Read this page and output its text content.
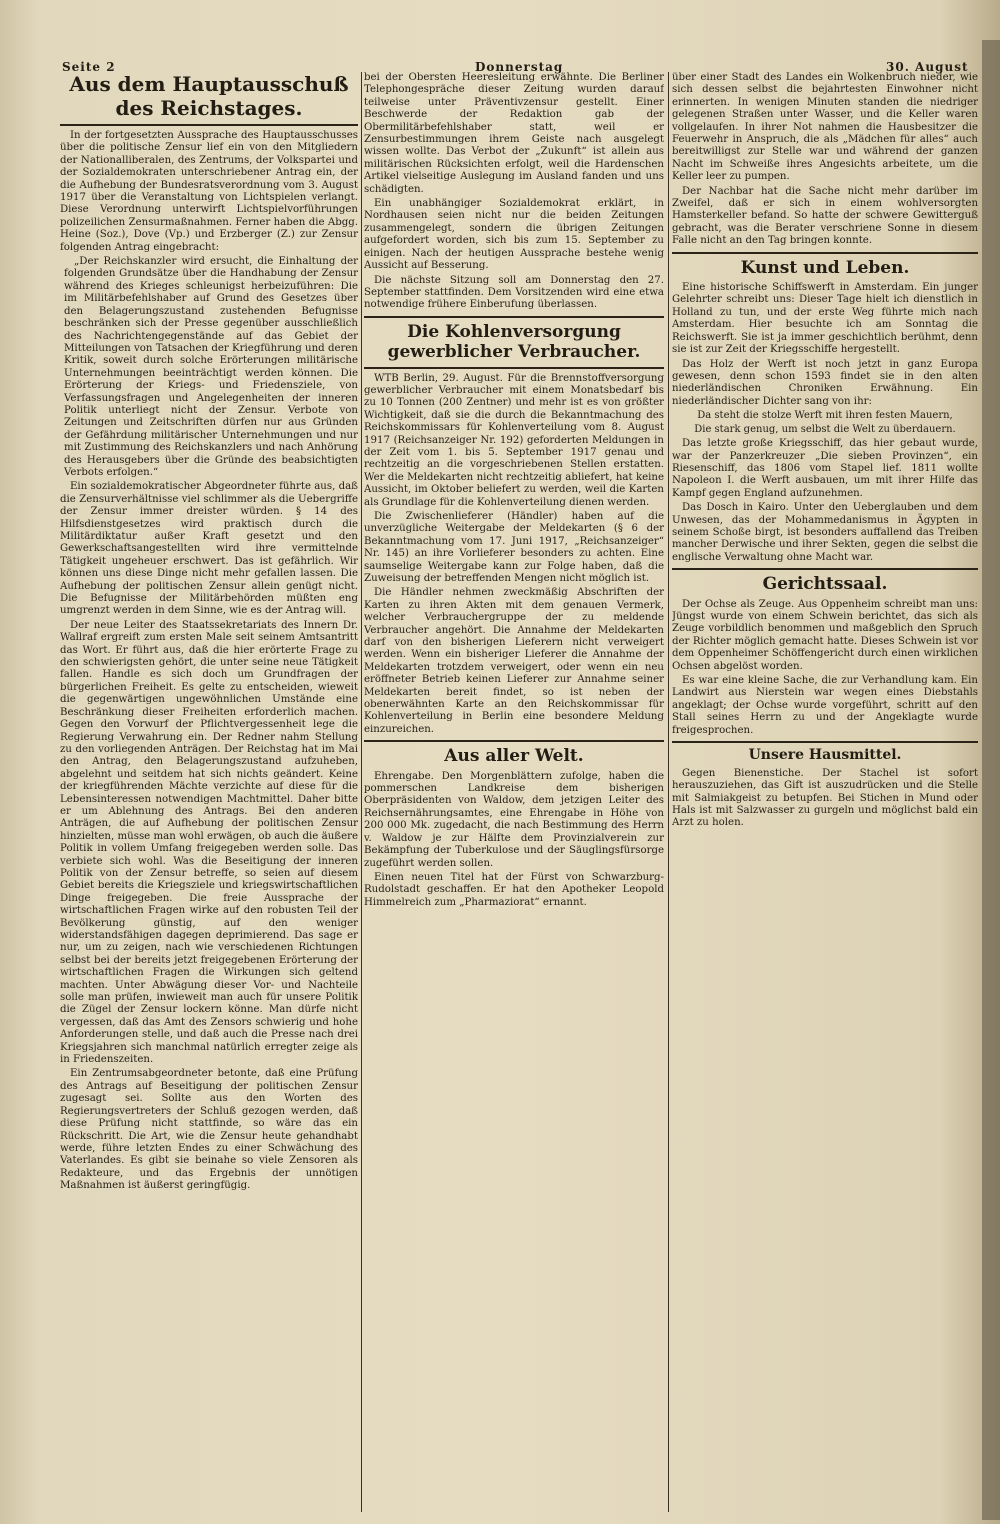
Seite 2	Donnerstag	30. August
Aus dem Hauptausschuß des Reichstages.

In der fortgesetzten Aussprache des Hauptausschusses über die politische Zensur lief ein von den Mitgliedern der Nationalliberalen, des Zentrums, der Volkspartei und der Sozialdemokraten unterschriebener Antrag ein, der die Aufhebung der Bundesratsverordnung vom 3. August 1917 über die Veranstaltung von Lichtspielen verlangt. Diese Verordnung unterwirft Lichtspielvorführungen polizeilichen Zensurmaßnahmen. Ferner haben die Abgg. Heine (Soz.), Dove (Vp.) und Erzberger (Z.) zur Zensur folgenden Antrag eingebracht:

„Der Reichskanzler wird ersucht, die Einhaltung der folgenden Grundsätze über die Handhabung der Zensur während des Krieges schleunigst herbeizuführen: Die im Militärbefehlshaber auf Grund des Gesetzes über den Belagerungszustand zustehenden Befugnisse beschränken sich der Presse gegenüber ausschließlich des Nachrichtengegenstände auf das Gebiet der Mitteilungen von Tatsachen der Kriegführung und deren Kritik, soweit durch solche Erörterungen militärische Unternehmungen beeinträchtigt werden können. Die Erörterung der Kriegs- und Friedensziele, von Verfassungsfragen und Angelegenheiten der inneren Politik unterliegt nicht der Zensur. Verbote von Zeitungen und Zeitschriften dürfen nur aus Gründen der Gefährdung militärischer Unternehmungen und nur mit Zustimmung des Reichskanzlers und nach Anhörung des Herausgebers über die Gründe des beabsichtigten Verbots erfolgen.“

Ein sozialdemokratischer Abgeordneter führte aus, daß die Zensurverhältnisse viel schlimmer als die Uebergriffe der Zensur immer dreister würden. § 14 des Hilfsdienstgesetzes wird praktisch durch die Militärdiktatur außer Kraft gesetzt und den Gewerkschaftsangestellten wird ihre vermittelnde Tätigkeit ungeheuer erschwert. Das ist gefährlich. Wir können uns diese Dinge nicht mehr gefallen lassen. Die Aufhebung der politischen Zensur allein genügt nicht. Die Befugnisse der Militärbehörden müßten eng umgrenzt werden in dem Sinne, wie es der Antrag will.

Der neue Leiter des Staatssekretariats des Innern Dr. Wallraf ergreift zum ersten Male seit seinem Amtsantritt das Wort. Er führt aus, daß die hier erörterte Frage zu den schwierigsten gehört, die unter seine neue Tätigkeit fallen. Handle es sich doch um Grundfragen der bürgerlichen Freiheit. Es gelte zu entscheiden, wieweit die gegenwärtigen ungewöhnlichen Umstände eine Beschränkung dieser Freiheiten erforderlich machen. Gegen den Vorwurf der Pflichtvergessenheit lege die Regierung Verwahrung ein. Der Redner nahm Stellung zu den vorliegenden Anträgen. Der Reichstag hat im Mai den Antrag, den Belagerungszustand aufzuheben, abgelehnt und seitdem hat sich nichts geändert. Keine der kriegführenden Mächte verzichte auf diese für die Lebensinteressen notwendigen Machtmittel. Daher bitte er um Ablehnung des Antrags. Bei den anderen Anträgen, die auf Aufhebung der politischen Zensur hinzielten, müsse man wohl erwägen, ob auch die äußere Politik in vollem Umfang freigegeben werden solle. Das verbiete sich wohl. Was die Beseitigung der inneren Politik von der Zensur betreffe, so seien auf diesem Gebiet bereits die Kriegsziele und kriegswirtschaftlichen Dinge freigegeben. Die freie Aussprache der wirtschaftlichen Fragen wirke auf den robusten Teil der Bevölkerung günstig, auf den weniger widerstandsfähigen dagegen deprimierend. Das sage er nur, um zu zeigen, nach wie verschiedenen Richtungen selbst bei der bereits jetzt freigegebenen Erörterung der wirtschaftlichen Fragen die Wirkungen sich geltend machten. Unter Abwägung dieser Vor- und Nachteile solle man prüfen, inwieweit man auch für unsere Politik die Zügel der Zensur lockern könne. Man dürfe nicht vergessen, daß das Amt des Zensors schwierig und hohe Anforderungen stelle, und daß auch die Presse nach drei Kriegsjahren sich manchmal natürlich erregter zeige als in Friedenszeiten.

Ein Zentrumsabgeordneter betonte, daß eine Prüfung des Antrags auf Beseitigung der politischen Zensur zugesagt sei. Sollte aus den Worten des Regierungsvertreters der Schluß gezogen werden, daß diese Prüfung nicht stattfinde, so wäre das ein Rückschritt. Die Art, wie die Zensur heute gehandhabt werde, führe letzten Endes zu einer Schwächung des Vaterlandes. Es gibt sie beinahe so viele Zensoren als Redakteure, und das Ergebnis der unnötigen Maßnahmen ist äußerst geringfügig.

bei der Obersten Heeresleitung erwähnte. Die Berliner Telephongespräche dieser Zeitung wurden darauf teilweise unter Präventivzensur gestellt. Einer Beschwerde der Redaktion gab der Obermilitärbefehlshaber statt, weil er Zensurbestimmungen ihrem Geiste nach ausgelegt wissen wollte. Das Verbot der „Zukunft“ ist allein aus militärischen Rücksichten erfolgt, weil die Hardenschen Artikel vielseitige Auslegung im Ausland fanden und uns schädigten.

Ein unabhängiger Sozialdemokrat erklärt, in Nordhausen seien nicht nur die beiden Zeitungen zusammengelegt, sondern die übrigen Zeitungen aufgefordert worden, sich bis zum 15. September zu einigen. Nach der heutigen Aussprache bestehe wenig Aussicht auf Besserung.

Die nächste Sitzung soll am Donnerstag den 27. September stattfinden. Dem Vorsitzenden wird eine etwa notwendige frühere Einberufung überlassen.

Die Kohlenversorgung gewerblicher Verbraucher.

WTB Berlin, 29. August. Für die Brennstoffversorgung gewerblicher Verbraucher mit einem Monatsbedarf bis zu 10 Tonnen (200 Zentner) und mehr ist es von größter Wichtigkeit, daß sie die durch die Bekanntmachung des Reichskommissars für Kohlenverteilung vom 8. August 1917 (Reichsanzeiger Nr. 192) geforderten Meldungen in der Zeit vom 1. bis 5. September 1917 genau und rechtzeitig an die vorgeschriebenen Stellen erstatten. Wer die Meldekarten nicht rechtzeitig abliefert, hat keine Aussicht, im Oktober beliefert zu werden, weil die Karten als Grundlage für die Kohlenverteilung dienen werden.

Die Zwischenlieferer (Händler) haben auf die unverzügliche Weitergabe der Meldekarten (§ 6 der Bekanntmachung vom 17. Juni 1917, „Reichsanzeiger“ Nr. 145) an ihre Vorlieferer besonders zu achten. Eine saumselige Weitergabe kann zur Folge haben, daß die Zuweisung der betreffenden Mengen nicht möglich ist.

Die Händler nehmen zweckmäßig Abschriften der Karten zu ihren Akten mit dem genauen Vermerk, welcher Verbrauchergruppe der zu meldende Verbraucher angehört. Die Annahme der Meldekarten darf von den bisherigen Lieferern nicht verweigert werden. Wenn ein bisheriger Lieferer die Annahme der Meldekarten trotzdem verweigert, oder wenn ein neu eröffneter Betrieb keinen Lieferer zur Annahme seiner Meldekarten bereit findet, so ist neben der obenerwähnten Karte an den Reichskommissar für Kohlenverteilung in Berlin eine besondere Meldung einzureichen.

Aus aller Welt.

Ehrengabe. Den Morgenblättern zufolge, haben die pommerschen Landkreise dem bisherigen Oberpräsidenten von Waldow, dem jetzigen Leiter des Reichsernährungsamtes, eine Ehrengabe in Höhe von 200 000 Mk. zugedacht, die nach Bestimmung des Herrn v. Waldow je zur Hälfte dem Provinzialverein zur Bekämpfung der Tuberkulose und der Säuglingsfürsorge zugeführt werden sollen.

Einen neuen Titel hat der Fürst von Schwarzburg-Rudolstadt geschaffen. Er hat den Apotheker Leopold Himmelreich zum „Pharmaziorat“ ernannt.

über einer Stadt des Landes ein Wolkenbruch nieder, wie sich dessen selbst die bejahrtesten Einwohner nicht erinnerten. In wenigen Minuten standen die niedriger gelegenen Straßen unter Wasser, und die Keller waren vollgelaufen. In ihrer Not nahmen die Hausbesitzer die Feuerwehr in Anspruch, die als „Mädchen für alles“ auch bereitwilligst zur Stelle war und während der ganzen Nacht im Schweiße ihres Angesichts arbeitete, um die Keller leer zu pumpen.

Der Nachbar hat die Sache nicht mehr darüber im Zweifel, daß er sich in einem wohlversorgten Hamsterkeller befand. So hatte der schwere Gewitterguß gebracht, was die Berater verschriene Sonne in diesem Falle nicht an den Tag bringen konnte.

Kunst und Leben.

Eine historische Schiffswerft in Amsterdam. Ein junger Gelehrter schreibt uns: Dieser Tage hielt ich dienstlich in Holland zu tun, und der erste Weg führte mich nach Amsterdam. Hier besuchte ich am Sonntag die Reichswerft. Sie ist ja immer geschichtlich berühmt, denn sie ist zur Zeit der Kriegsschiffe hergestellt.

Das Holz der Werft ist noch jetzt in ganz Europa gewesen, denn schon 1593 findet sie in den alten niederländischen Chroniken Erwähnung. Ein niederländischer Dichter sang von ihr:

Da steht die stolze Werft mit ihren festen Mauern,
Die stark genug, um selbst die Welt zu überdauern.

Das letzte große Kriegsschiff, das hier gebaut wurde, war der Panzerkreuzer „Die sieben Provinzen“, ein Riesenschiff, das 1806 vom Stapel lief. 1811 wollte Napoleon I. die Werft ausbauen, um mit ihrer Hilfe das Kampf gegen England aufzunehmen.

Das Dosch in Kairo. Unter den Ueberglauben und dem Unwesen, das der Mohammedanismus in Ägypten in seinem Schoße birgt, ist besonders auffallend das Treiben mancher Derwische und ihrer Sekten, gegen die selbst die englische Verwaltung ohne Macht war.

Gerichtssaal.

Der Ochse als Zeuge. Aus Oppenheim schreibt man uns: Jüngst wurde von einem Schwein berichtet, das sich als Zeuge vorbildlich benommen und maßgeblich den Spruch der Richter möglich gemacht hatte. Dieses Schwein ist vor dem Oppenheimer Schöffengericht durch einen wirklichen Ochsen abgelöst worden.

Es war eine kleine Sache, die zur Verhandlung kam. Ein Landwirt aus Nierstein war wegen eines Diebstahls angeklagt; der Ochse wurde vorgeführt, schritt auf den Stall seines Herrn zu und der Angeklagte wurde freigesprochen.

Unsere Hausmittel.

Gegen Bienenstiche. Der Stachel ist sofort herauszuziehen, das Gift ist auszudrücken und die Stelle mit Salmiakgeist zu betupfen. Bei Stichen in Mund oder Hals ist mit Salzwasser zu gurgeln und möglichst bald ein Arzt zu holen.
